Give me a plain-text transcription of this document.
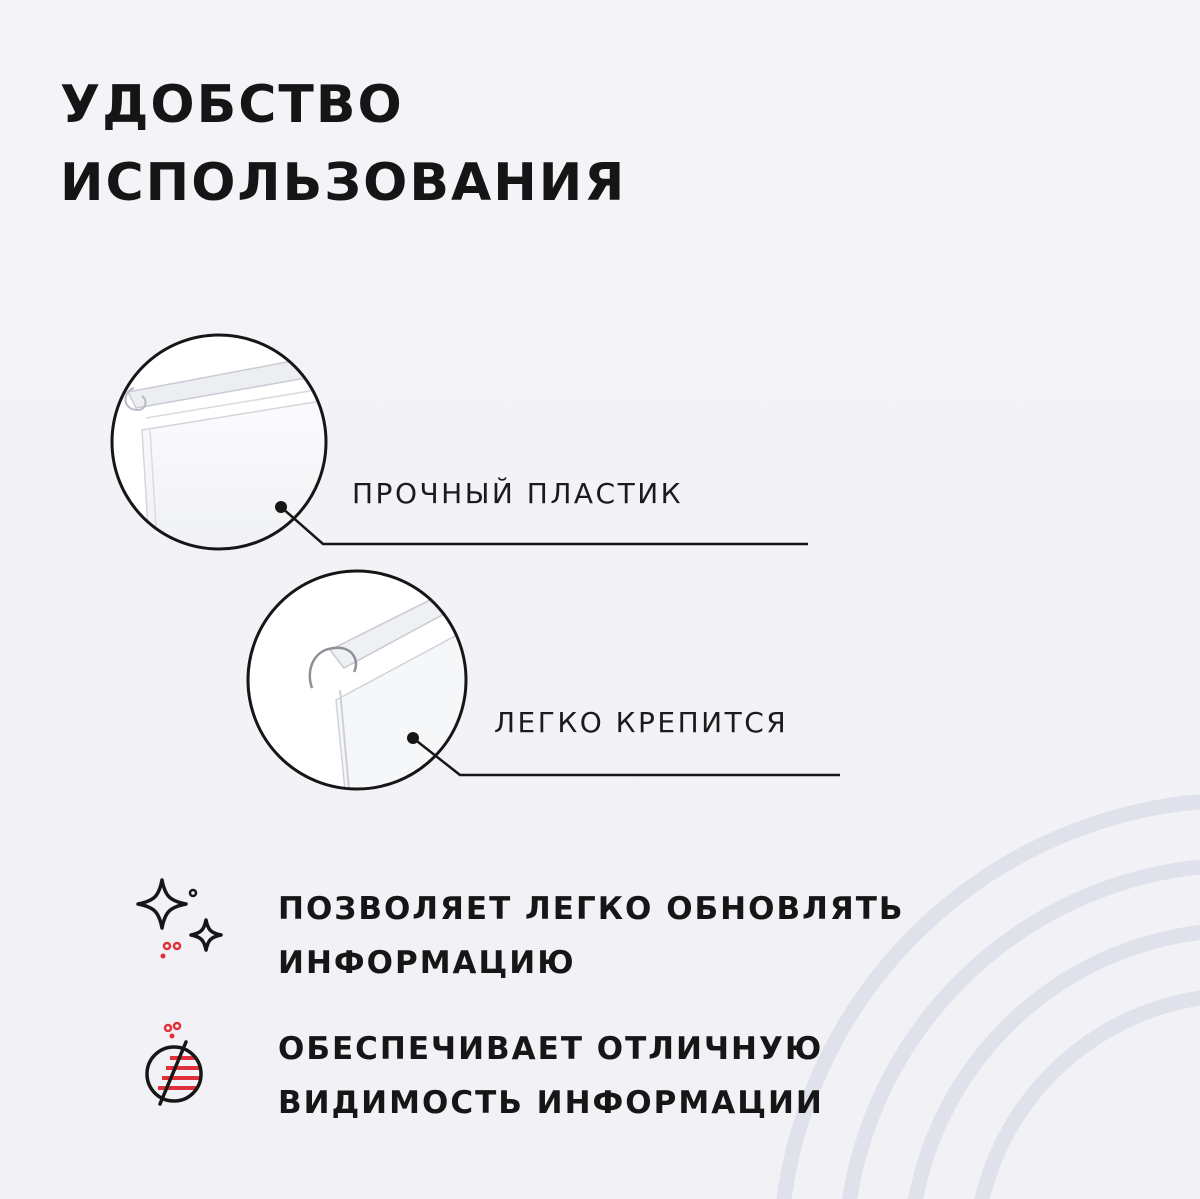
УДОБСТВО
ИСПОЛЬЗОВАНИЯ
ПРОЧНЫЙ ПЛАСТИК
ЛЕГКО КРЕПИТСЯ
ПОЗВОЛЯЕТ ЛЕГКО ОБНОВЛЯТЬ
ИНФОРМАЦИЮ
ОБЕСПЕЧИВАЕТ ОТЛИЧНУЮ
ВИДИМОСТЬ ИНФОРМАЦИИ
